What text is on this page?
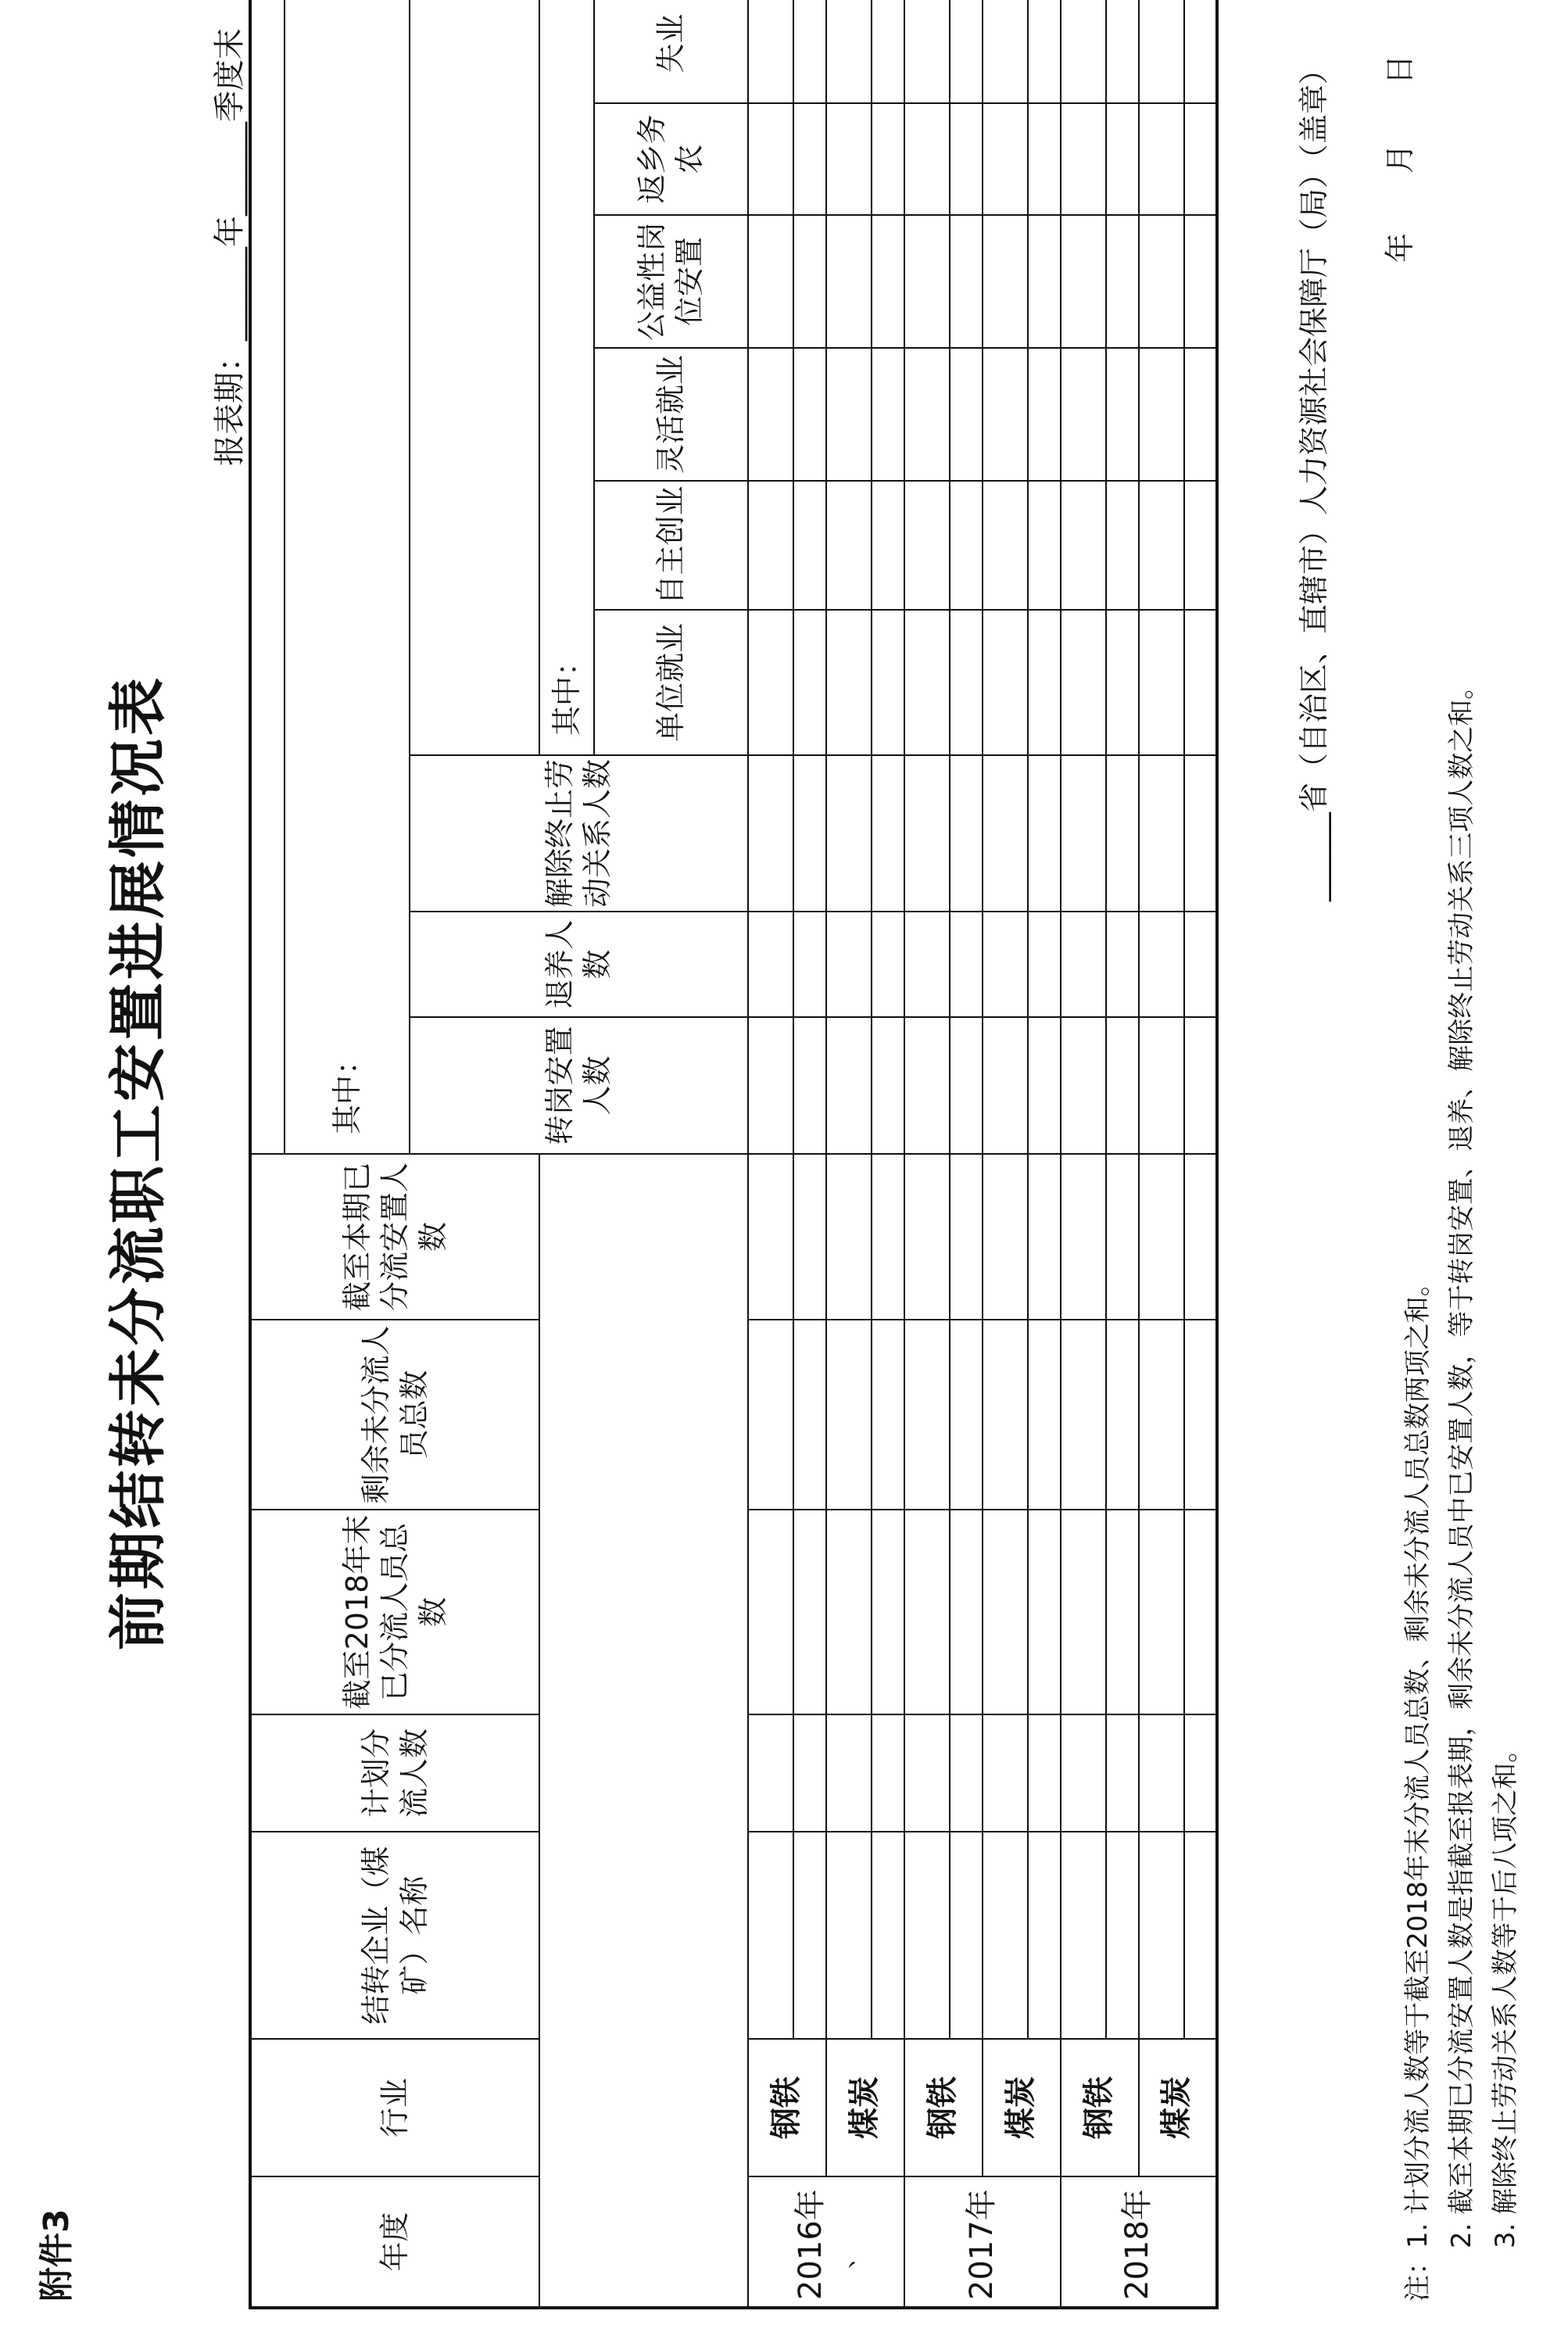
附件3
前期结转未分流职工安置进展情况表
报表期：______年______季度末
年度	行业	结转企业（煤矿）名称	计划分流人数	截至2018年末已分流人员总数	剩余未分流人员总数	截至本期已分流安置人数											
							其中：										
							转岗安置人数	退养人数	解除终止劳动关系人数								
										其中：							
										单位就业	自主创业	灵活就业	公益性岗位安置	返乡务农	失业		
2016年 、	钢铁																

	煤炭																

2017年	钢铁																

	煤炭																

2018年	钢铁																

	煤炭																

______省（自治区、直辖市）人力资源社会保障厅（局）（盖章） 年　　月　　日
注：1. 计划分流人数等于截至2018年末分流人员总数、剩余未分流人员总数两项之和。 2. 截至本期已分流安置人数是指截至报表期，剩余未分流人员中已安置人数，等于转岗安置、退养、解除终止劳动关系三项人数之和。 3. 解除终止劳动关系人数等于后八项之和。
